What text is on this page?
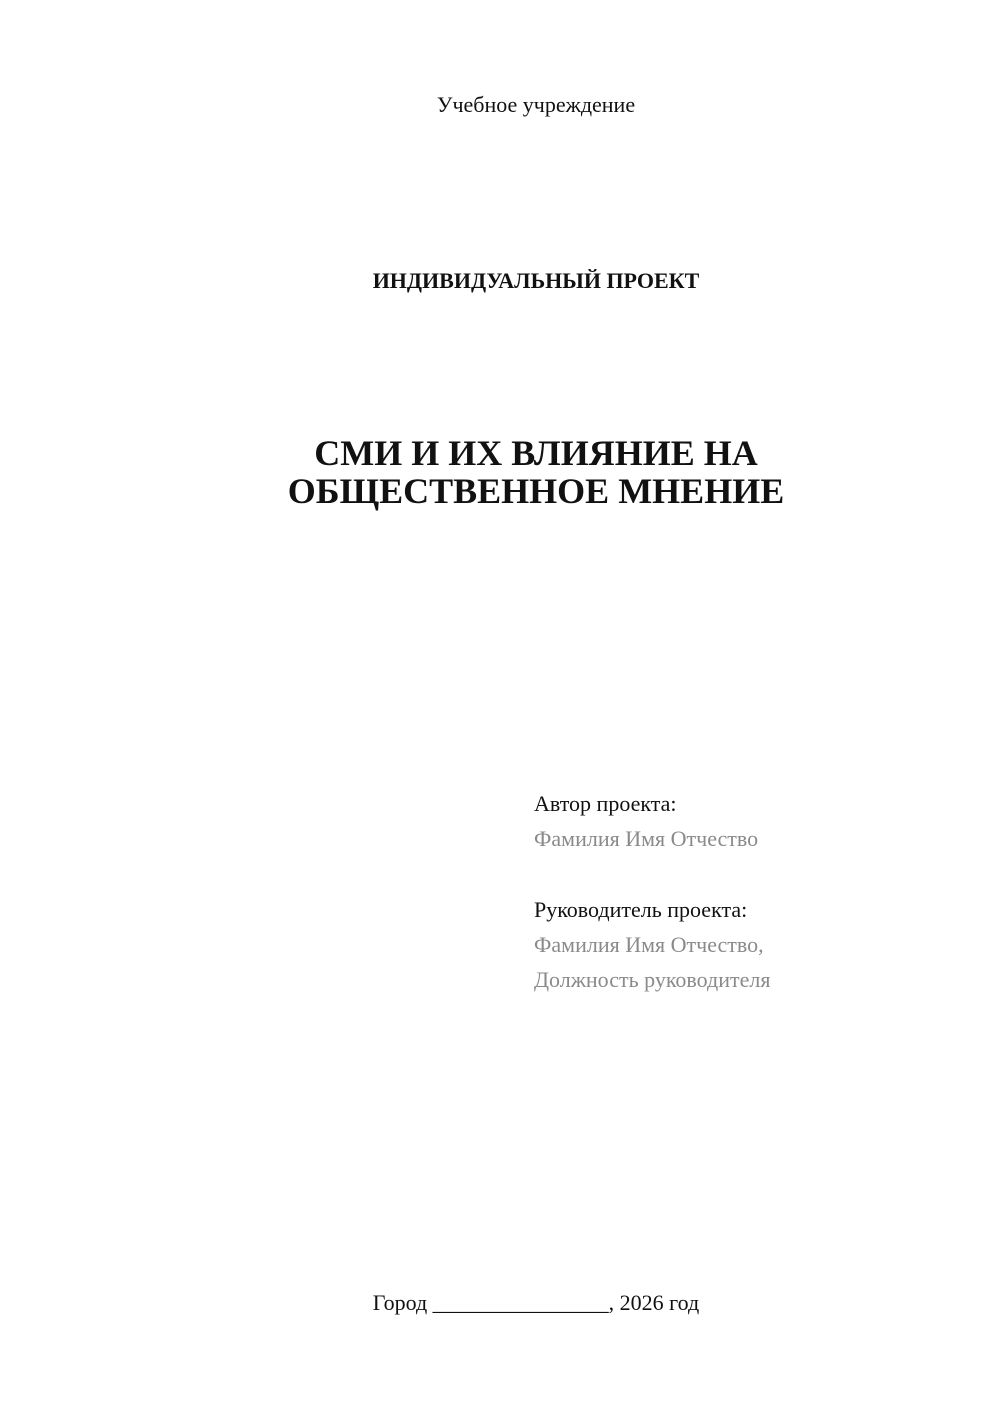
Учебное учреждение
ИНДИВИДУАЛЬНЫЙ ПРОЕКТ
СМИ И ИХ ВЛИЯНИЕ НА
ОБЩЕСТВЕННОЕ МНЕНИЕ
Автор проекта:
Фамилия Имя Отчество
Руководитель проекта:
Фамилия Имя Отчество,
Должность руководителя
Город ________________, 2026 год
